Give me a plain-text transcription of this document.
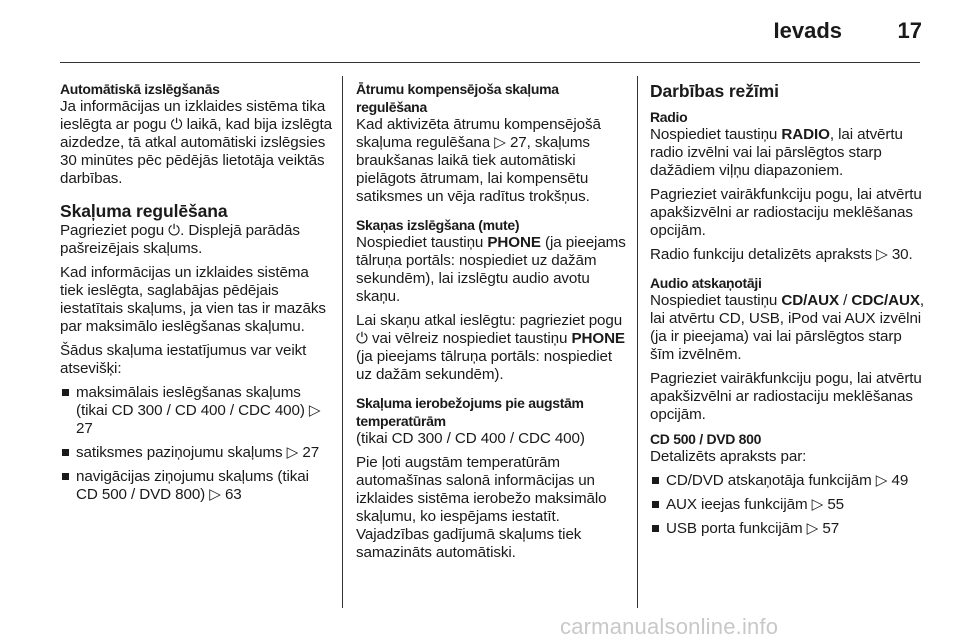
Ievads	17
Automātiskā izslēgšanās

Ja informācijas un izklaides sistēma tika ieslēgta ar pogu ⏻ laikā, kad bija izslēgta aizdedze, tā atkal automātiski izslēgsies 30 minūtes pēc pēdējās lietotāja veiktās darbības.

Skaļuma regulēšana

Pagrieziet pogu ⏻. Displejā parādās pašreizējais skaļums.

Kad informācijas un izklaides sistēma tiek ieslēgta, saglabājas pēdējais iestatītais skaļums, ja vien tas ir mazāks par maksimālo ieslēgšanas skaļumu.

Šādus skaļuma iestatījumus var veikt atsevišķi:

maksimālais ieslēgšanas skaļums (tikai CD 300 / CD 400 / CDC 400) ▷ 27
satiksmes paziņojumu skaļums ▷ 27
navigācijas ziņojumu skaļums (tikai CD 500 / DVD 800) ▷ 63
Ātrumu kompensējoša skaļuma regulēšana

Kad aktivizēta ātrumu kompensējošā skaļuma regulēšana ▷ 27, skaļums braukšanas laikā tiek automātiski pielāgots ātrumam, lai kompensētu satiksmes un vēja radītus trokšņus.

Skaņas izslēgšana (mute)

Nospiediet taustiņu PHONE (ja pieejams tālruņa portāls: nospiediet uz dažām sekundēm), lai izslēgtu audio avotu skaņu.

Lai skaņu atkal ieslēgtu: pagrieziet pogu ⏻ vai vēlreiz nospiediet taustiņu PHONE (ja pieejams tālruņa portāls: nospiediet uz dažām sekundēm).

Skaļuma ierobežojums pie augstām temperatūrām

(tikai CD 300 / CD 400 / CDC 400)

Pie ļoti augstām temperatūrām automašīnas salonā informācijas un izklaides sistēma ierobežo maksimālo skaļumu, ko iespējams iestatīt. Vajadzības gadījumā skaļums tiek samazināts automātiski.

Darbības režīmi
Radio

Nospiediet taustiņu RADIO, lai atvērtu radio izvēlni vai lai pārslēgtos starp dažādiem viļņu diapazoniem.

Pagrieziet vairākfunkciju pogu, lai atvērtu apakšizvēlni ar radiostaciju meklēšanas opcijām.

Radio funkciju detalizēts apraksts ▷ 30.

Audio atskaņotāji

Nospiediet taustiņu CD/AUX / CDC/AUX, lai atvērtu CD, USB, iPod vai AUX izvēlni (ja ir pieejama) vai lai pārslēgtos starp šīm izvēlnēm.

Pagrieziet vairākfunkciju pogu, lai atvērtu apakšizvēlni ar radiostaciju meklēšanas opcijām.

CD 500 / DVD 800

Detalizēts apraksts par:

CD/DVD atskaņotāja funkcijām ▷ 49
AUX ieejas funkcijām ▷ 55
USB porta funkcijām ▷ 57
carmanualsonline.info
